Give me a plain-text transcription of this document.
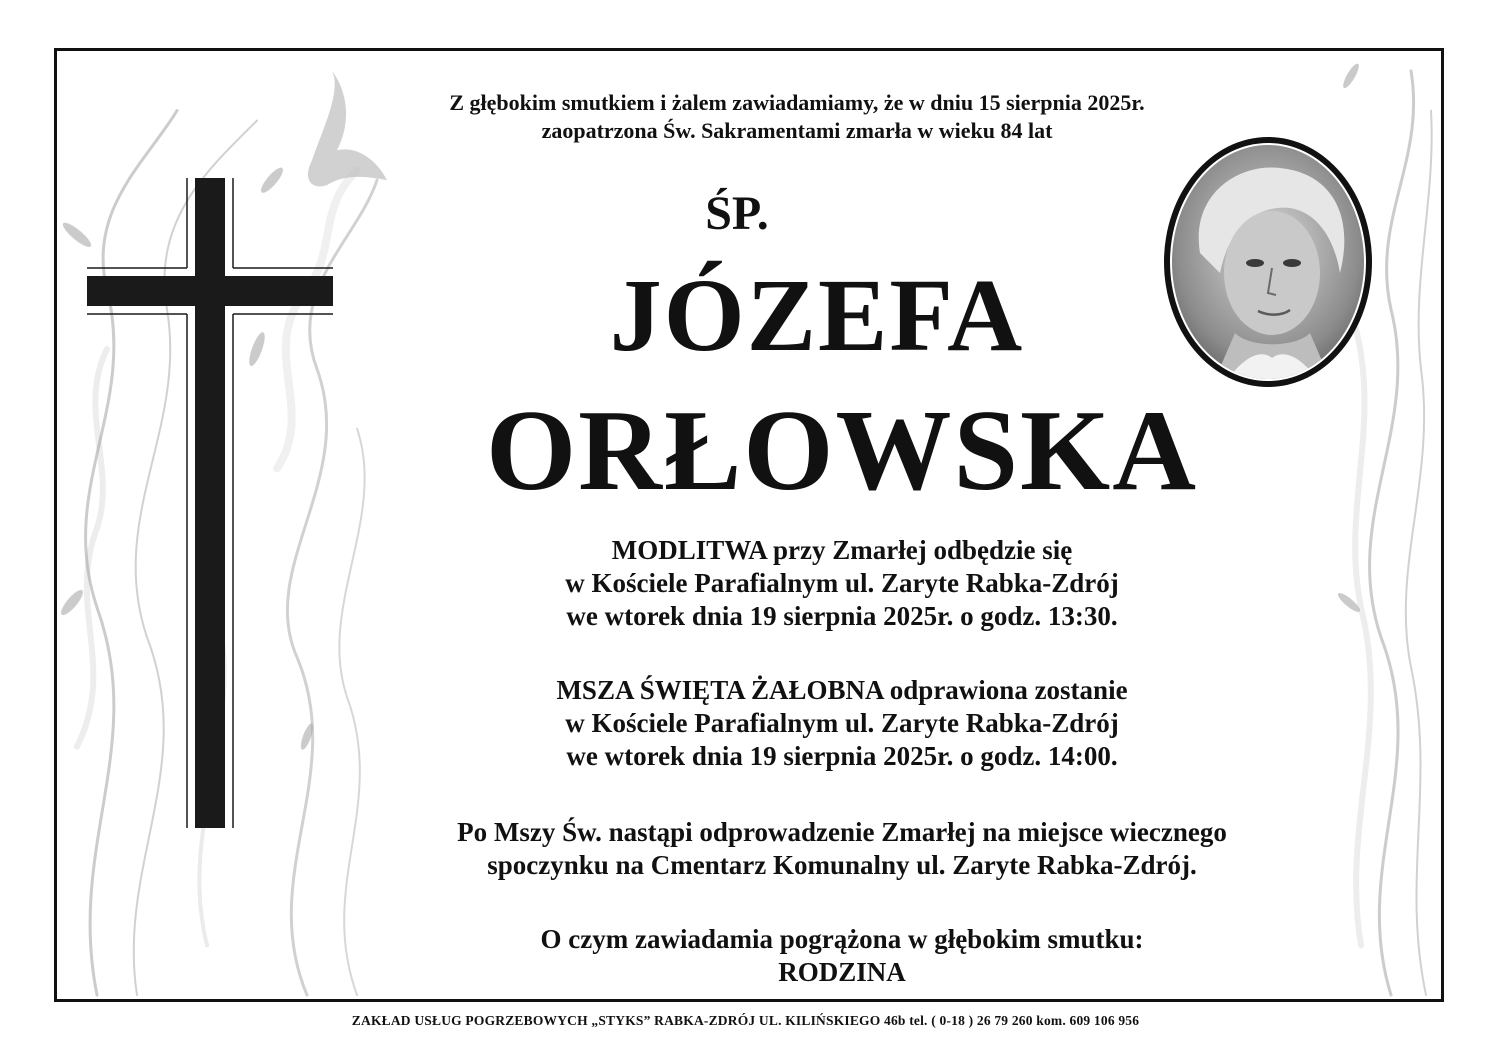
Z głębokim smutkiem i żalem zawiadamiamy, że w dniu 15 sierpnia 2025r.
zaopatrzona Św. Sakramentami zmarła w wieku 84 lat
ŚP.
JÓZEFA
ORŁOWSKA
MODLITWA przy Zmarłej odbędzie się
w Kościele Parafialnym ul. Zaryte Rabka-Zdrój
we wtorek dnia 19 sierpnia 2025r. o godz. 13:30.
MSZA ŚWIĘTA ŻAŁOBNA odprawiona zostanie
w Kościele Parafialnym ul. Zaryte Rabka-Zdrój
we wtorek dnia 19 sierpnia 2025r. o godz. 14:00.
Po Mszy Św. nastąpi odprowadzenie Zmarłej na miejsce wiecznego
spoczynku na Cmentarz Komunalny ul. Zaryte Rabka-Zdrój.
O czym zawiadamia pogrążona w głębokim smutku:
RODZINA
ZAKŁAD USŁUG POGRZEBOWYCH „STYKS” RABKA-ZDRÓJ UL. KILIŃSKIEGO 46b tel. ( 0-18 ) 26 79 260 kom. 609 106 956
